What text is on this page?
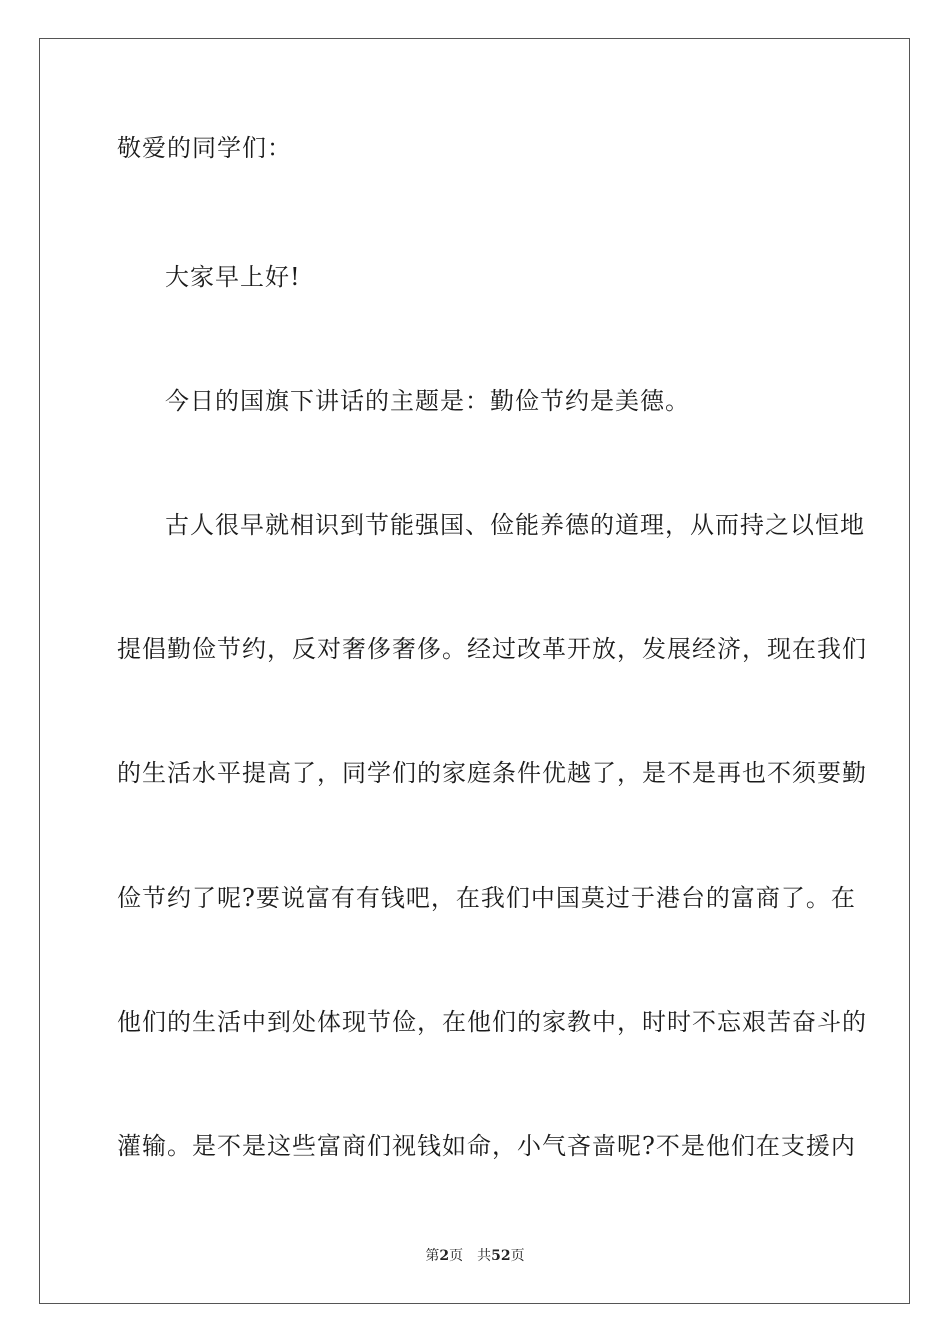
敬爱的同学们：
大家早上好!
今日的国旗下讲话的主题是：勤俭节约是美德。
古人很早就相识到节能强国、俭能养德的道理，从而持之以恒地
提倡勤俭节约，反对奢侈奢侈。经过改革开放，发展经济，现在我们
的生活水平提高了，同学们的家庭条件优越了，是不是再也不须要勤
俭节约了呢?要说富有有钱吧，在我们中国莫过于港台的富商了。在
他们的生活中到处体现节俭，在他们的家教中，时时不忘艰苦奋斗的
灌输。是不是这些富商们视钱如命，小气吝啬呢?不是他们在支援内
第2页 共52页
